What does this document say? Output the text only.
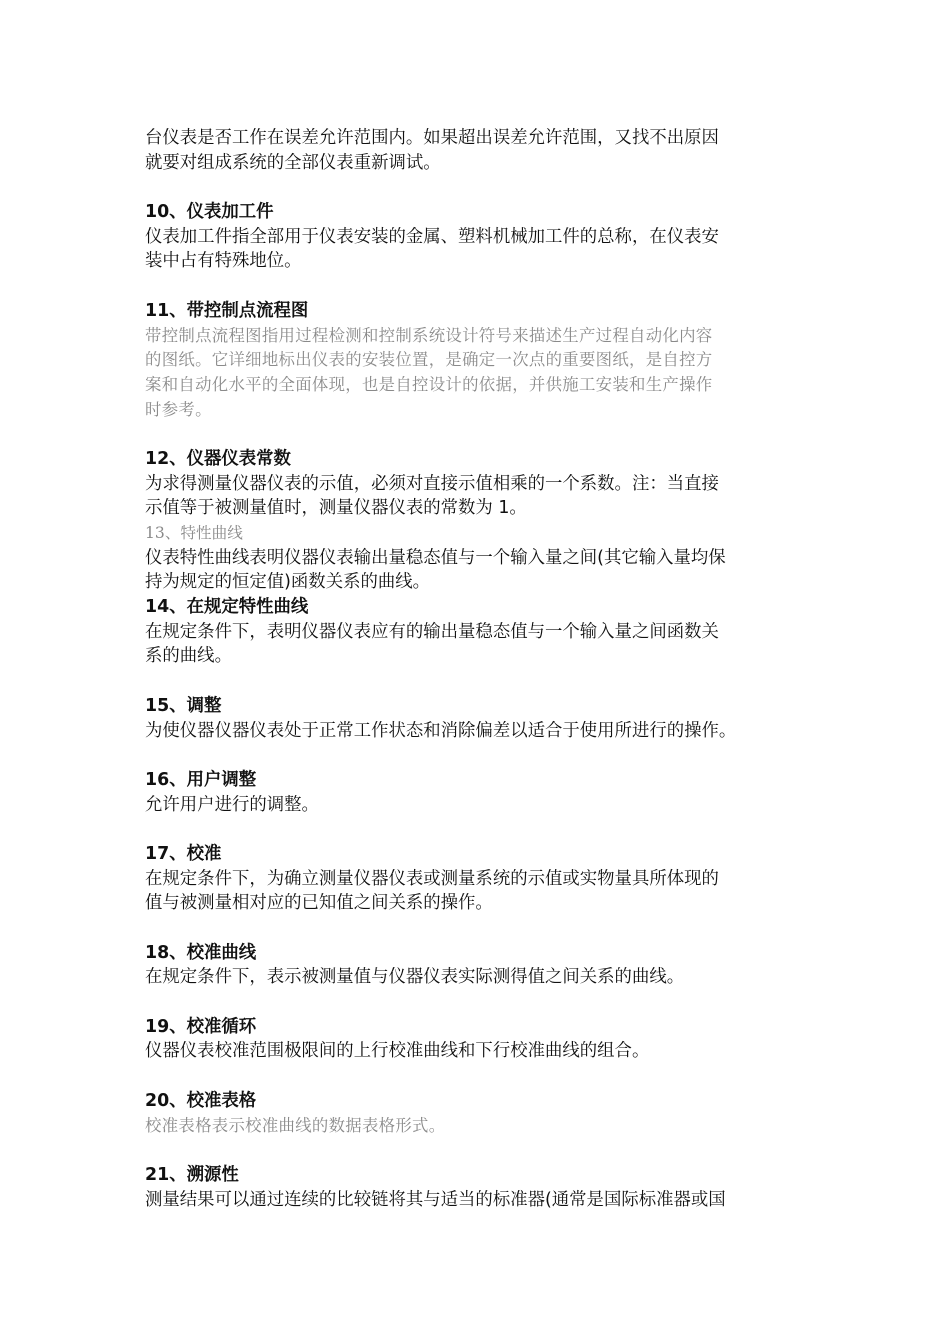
台仪表是否工作在误差允许范围内。如果超出误差允许范围，又找不出原因
就要对组成系统的全部仪表重新调试。
10、仪表加工件
仪表加工件指全部用于仪表安装的金属、塑料机械加工件的总称，在仪表安
装中占有特殊地位。
11、带控制点流程图
带控制点流程图指用过程检测和控制系统设计符号来描述生产过程自动化内容
的图纸。它详细地标出仪表的安装位置，是确定一次点的重要图纸，是自控方
案和自动化水平的全面体现，也是自控设计的依据，并供施工安装和生产操作
时参考。
12、仪器仪表常数
为求得测量仪器仪表的示值，必须对直接示值相乘的一个系数。注：当直接
示值等于被测量值时，测量仪器仪表的常数为 1。
13、特性曲线
仪表特性曲线表明仪器仪表输出量稳态值与一个输入量之间(其它输入量均保
持为规定的恒定值)函数关系的曲线。
14、在规定特性曲线
在规定条件下，表明仪器仪表应有的输出量稳态值与一个输入量之间函数关
系的曲线。
15、调整
为使仪器仪器仪表处于正常工作状态和消除偏差以适合于使用所进行的操作。
16、用户调整
允许用户进行的调整。
17、校准
在规定条件下，为确立测量仪器仪表或测量系统的示值或实物量具所体现的
值与被测量相对应的已知值之间关系的操作。
18、校准曲线
在规定条件下，表示被测量值与仪器仪表实际测得值之间关系的曲线。
19、校准循环
仪器仪表校准范围极限间的上行校准曲线和下行校准曲线的组合。
20、校准表格
校准表格表示校准曲线的数据表格形式。
21、溯源性
测量结果可以通过连续的比较链将其与适当的标准器(通常是国际标准器或国
